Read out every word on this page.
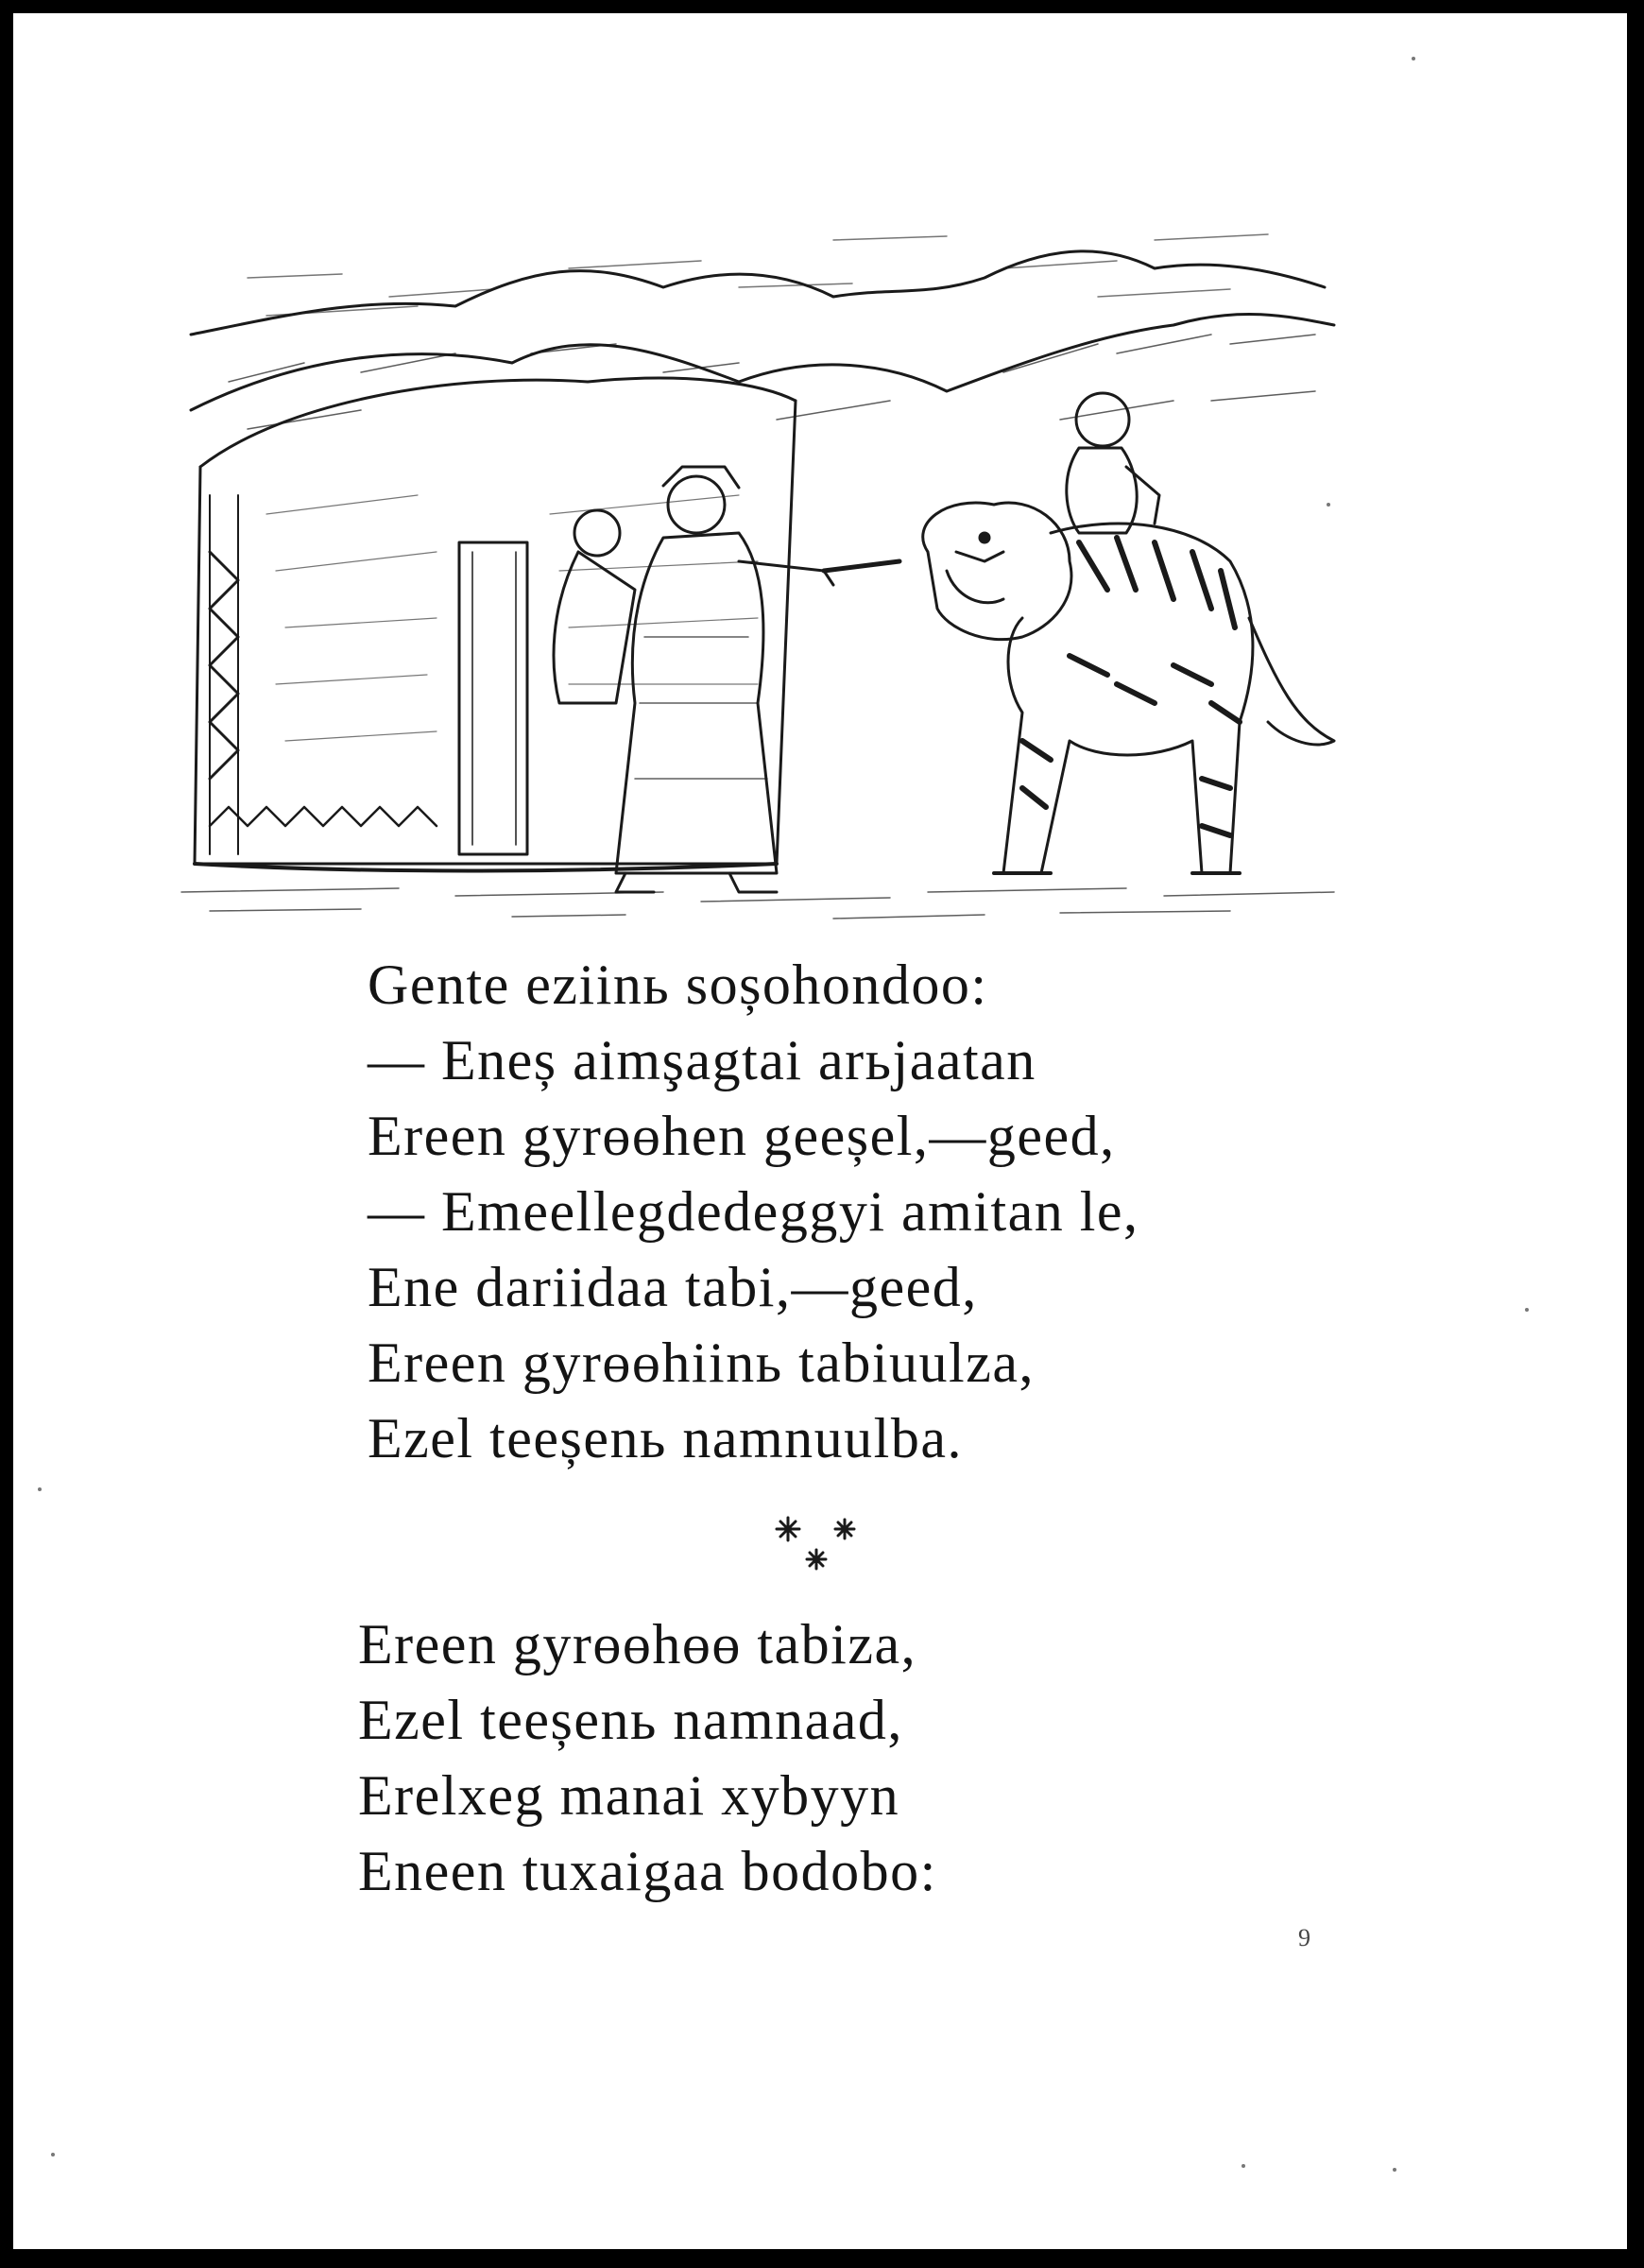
Gente eziinь soșohondoo:
— Eneș aimşagtai arьjaatan
Ereen gyrөөhen geeșel,—geed,
— Emeellegdedeggyi amitan le,
Ene dariidaa tabi,—geed,
Ereen gyrөөhiinь tabiuulza,
Ezel teeșenь namnuulba.
Ereen gyrөөhөө tabiza,
Ezel teeșenь namnaad,
Erelxeg manai xybyyn
Eneen tuxaigaa bodobo:
9
